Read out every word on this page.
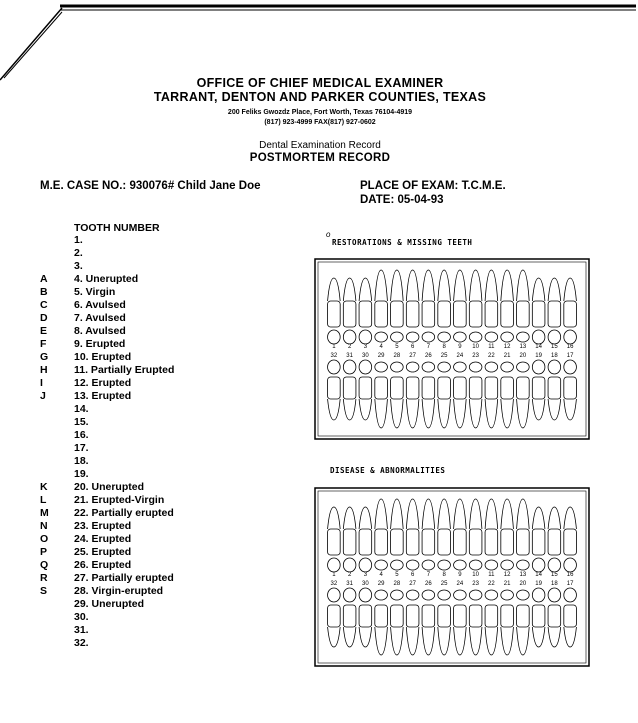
OFFICE OF CHIEF MEDICAL EXAMINER
TARRANT, DENTON AND PARKER COUNTIES, TEXAS
200 Feliks Gwozdz Place, Fort Worth, Texas 76104-4919
(817) 923-4999 FAX(817) 927-0602
Dental Examination Record
POSTMORTEM RECORD
M.E. CASE NO.: 930076# Child Jane Doe	PLACE OF EXAM: T.C.M.E.
DATE: 05-04-93
TOOTH NUMBER
1.
2.
3.
A	4. Unerupted
B	5. Virgin
C	6. Avulsed
D	7. Avulsed
E	8. Avulsed
F	9. Erupted
G	10. Erupted
H	11. Partially Erupted
I	12. Erupted
J	13. Erupted
14.
15.
16.
17.
18.
19.
K	20. Unerupted
L	21. Erupted-Virgin
M	22. Partially erupted
N	23. Erupted
O	24. Erupted
P	25. Erupted
Q	26. Erupted
R	27. Partially erupted
S	28. Virgin-erupted
29. Unerupted
30.
31.
32.
o
RESTORATIONS & MISSING TEETH
1 2 3 4 5 6 7 8 9 10 11 12 13 14 15 16
32 31 30 29 28 27 26 25 24 23 22 21 20 19 18 17
DISEASE & ABNORMALITIES
1 2 3 4 5 6 7 8 9 10 11 12 13 14 15 16
32 31 30 29 28 27 26 25 24 23 22 21 20 19 18 17
